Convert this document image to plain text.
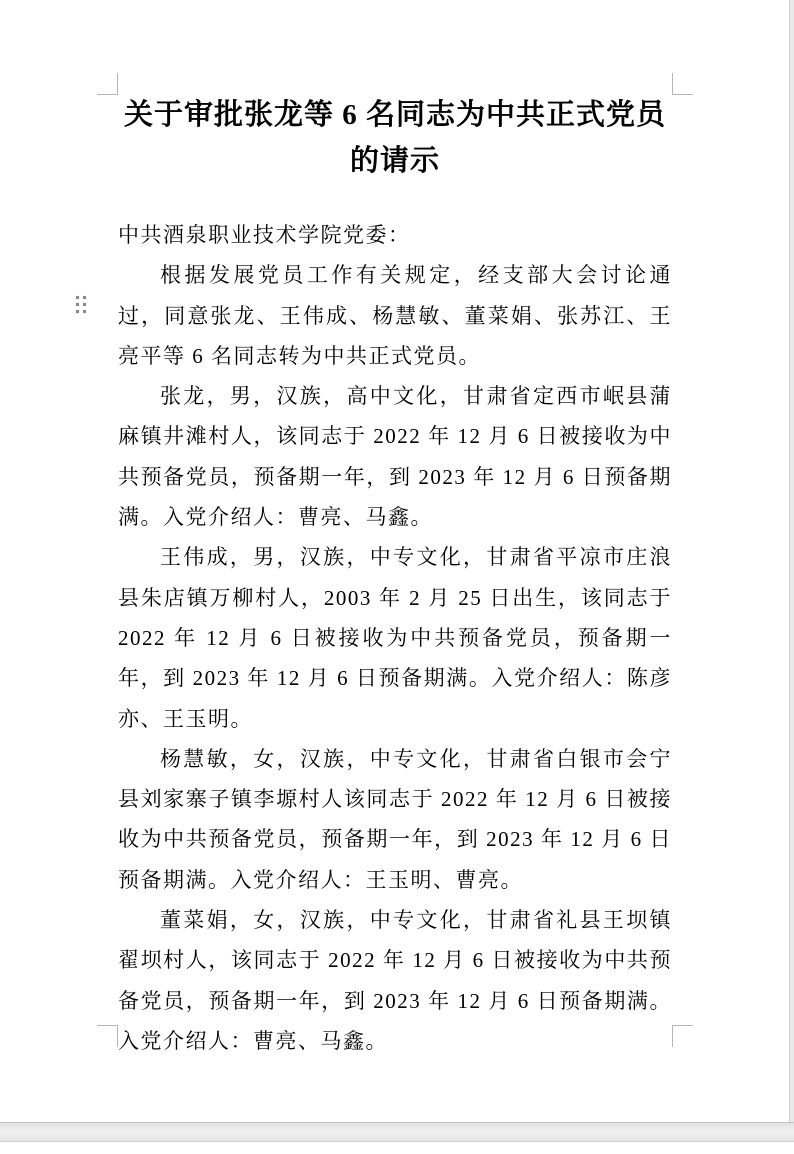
关于审批张龙等 6 名同志为中共正式党员的请示

中共酒泉职业技术学院党委：

根据发展党员工作有关规定，经支部大会讨论通过，同意张龙、王伟成、杨慧敏、董菜娟、张苏江、王亮平等 6 名同志转为中共正式党员。

张龙，男，汉族，高中文化，甘肃省定西市岷县蒲麻镇井滩村人，该同志于 2022 年 12 月 6 日被接收为中共预备党员，预备期一年，到 2023 年 12 月 6 日预备期满。入党介绍人：曹亮、马鑫。

王伟成，男，汉族，中专文化，甘肃省平凉市庄浪县朱店镇万柳村人，2003 年 2 月 25 日出生，该同志于 2022 年 12 月 6 日被接收为中共预备党员，预备期一年，到 2023 年 12 月 6 日预备期满。入党介绍人：陈彦亦、王玉明。

杨慧敏，女，汉族，中专文化，甘肃省白银市会宁县刘家寨子镇李塬村人该同志于 2022 年 12 月 6 日被接收为中共预备党员，预备期一年，到 2023 年 12 月 6 日预备期满。入党介绍人：王玉明、曹亮。

董菜娟，女，汉族，中专文化，甘肃省礼县王坝镇翟坝村人，该同志于 2022 年 12 月 6 日被接收为中共预备党员，预备期一年，到 2023 年 12 月 6 日预备期满。入党介绍人：曹亮、马鑫。
